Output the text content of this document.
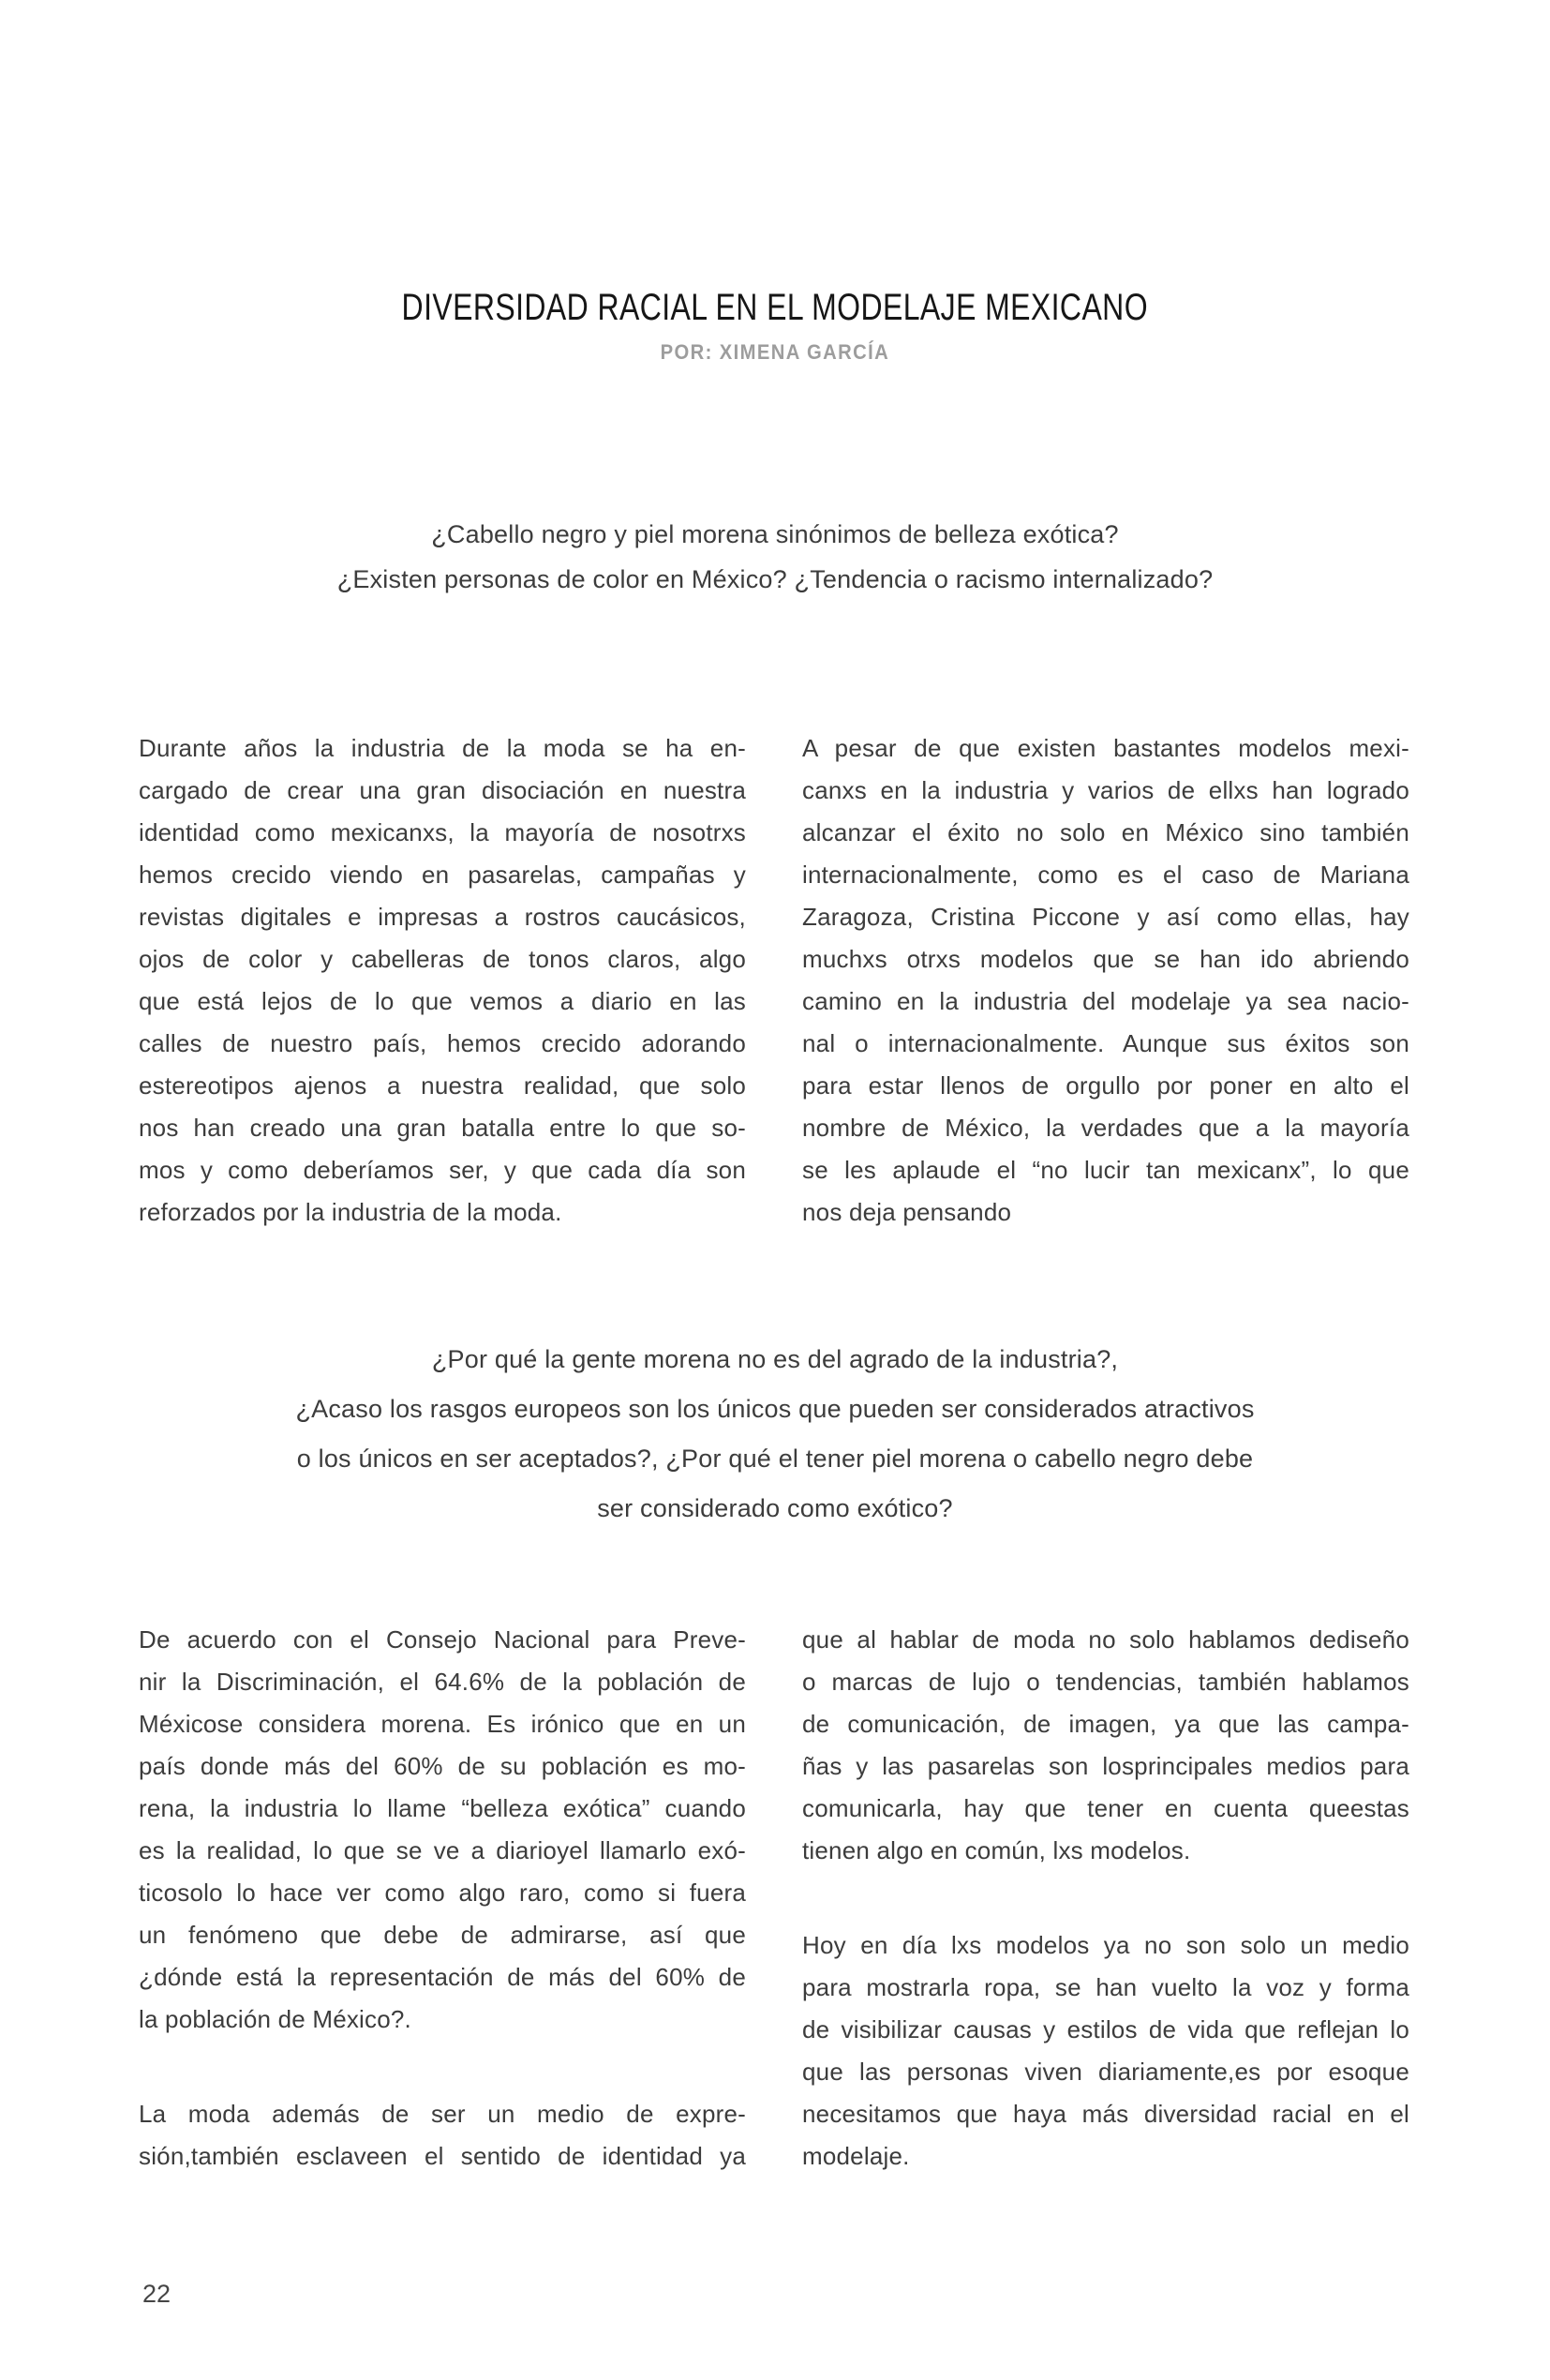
DIVERSIDAD RACIAL EN EL MODELAJE MEXICANO
POR: XIMENA GARCÍA
¿Cabello negro y piel morena sinónimos de belleza exótica?
¿Existen personas de color en México? ¿Tendencia o racismo internalizado?
Durante años la industria de la moda se ha en-
cargado de crear una gran disociación en nuestra
identidad como mexicanxs, la mayoría de nosotrxs
hemos crecido viendo en pasarelas, campañas y
revistas digitales e impresas a rostros caucásicos,
ojos de color y cabelleras de tonos claros, algo
que está lejos de lo que vemos a diario en las
calles de nuestro país, hemos crecido adorando
estereotipos ajenos a nuestra realidad, que solo
nos han creado una gran batalla entre lo que so-
mos y como deberíamos ser, y que cada día son
reforzados por la industria de la moda.
A pesar de que existen bastantes modelos mexi-
canxs en la industria y varios de ellxs han logrado
alcanzar el éxito no solo en México sino también
internacionalmente, como es el caso de Mariana
Zaragoza, Cristina Piccone y así como ellas, hay
muchxs otrxs modelos que se han ido abriendo
camino en la industria del modelaje ya sea nacio-
nal o internacionalmente. Aunque sus éxitos son
para estar llenos de orgullo por poner en alto el
nombre de México, la verdades que a la mayoría
se les aplaude el “no lucir tan mexicanx”, lo que
nos deja pensando
¿Por qué la gente morena no es del agrado de la industria?,
¿Acaso los rasgos europeos son los únicos que pueden ser considerados atractivos
o los únicos en ser aceptados?, ¿Por qué el tener piel morena o cabello negro debe
ser considerado como exótico?
De acuerdo con el Consejo Nacional para Preve-
nir la Discriminación, el 64.6% de la población de
Méxicose considera morena. Es irónico que en un
país donde más del 60% de su población es mo-
rena, la industria lo llame “belleza exótica” cuando
es la realidad, lo que se ve a diarioyel llamarlo exó-
ticosolo lo hace ver como algo raro, como si fuera
un fenómeno que debe de admirarse, así que
¿dónde está la representación de más del 60% de
la población de México?.
La moda además de ser un medio de expre-
sión,también esclaveen el sentido de identidad ya
que al hablar de moda no solo hablamos dediseño
o marcas de lujo o tendencias, también hablamos
de comunicación, de imagen, ya que las campa-
ñas y las pasarelas son losprincipales medios para
comunicarla, hay que tener en cuenta queestas
tienen algo en común, lxs modelos.
Hoy en día lxs modelos ya no son solo un medio
para mostrarla ropa, se han vuelto la voz y forma
de visibilizar causas y estilos de vida que reflejan lo
que las personas viven diariamente,es por esoque
necesitamos que haya más diversidad racial en el
modelaje.
22
